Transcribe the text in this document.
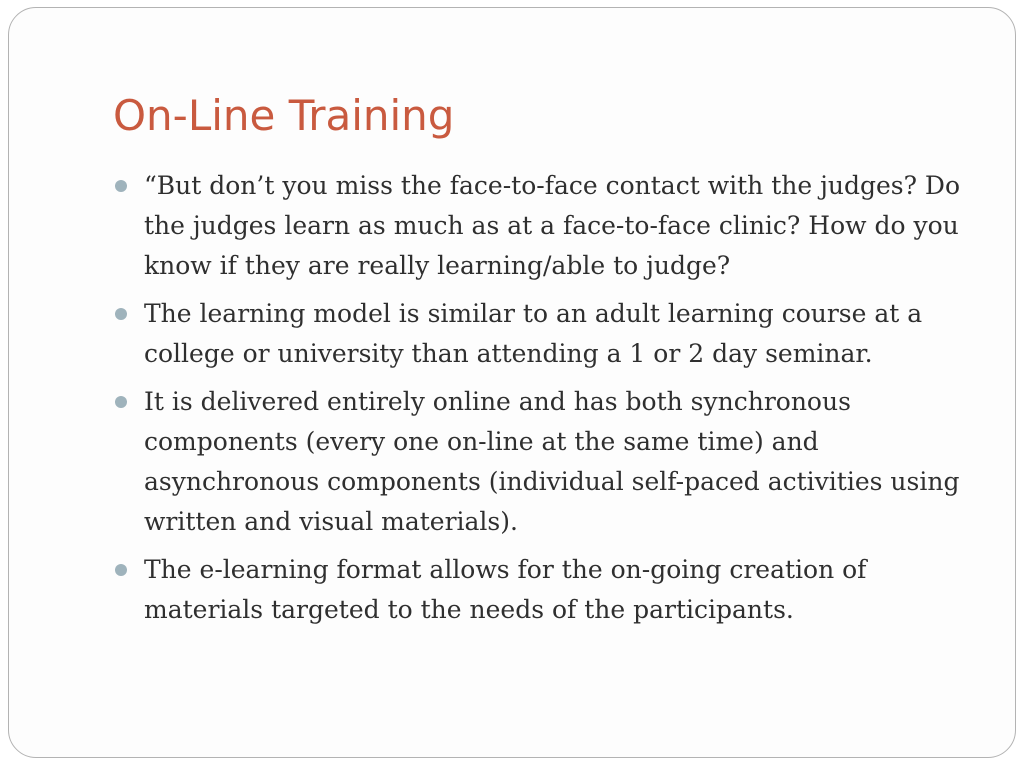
On-Line Training
“But don’t you miss the face-to-face contact with the judges? Do the judges learn as much as at a face-to-face clinic? How do you know if they are really learning/able to judge?
The learning model is similar to an adult learning course at a college or university than attending a 1 or 2 day seminar.
It is delivered entirely online and has both synchronous components (every one on-line at the same time) and asynchronous components (individual self-paced activities using written and visual materials).
The e-learning format allows for the on-going creation of materials targeted to the needs of the participants.
